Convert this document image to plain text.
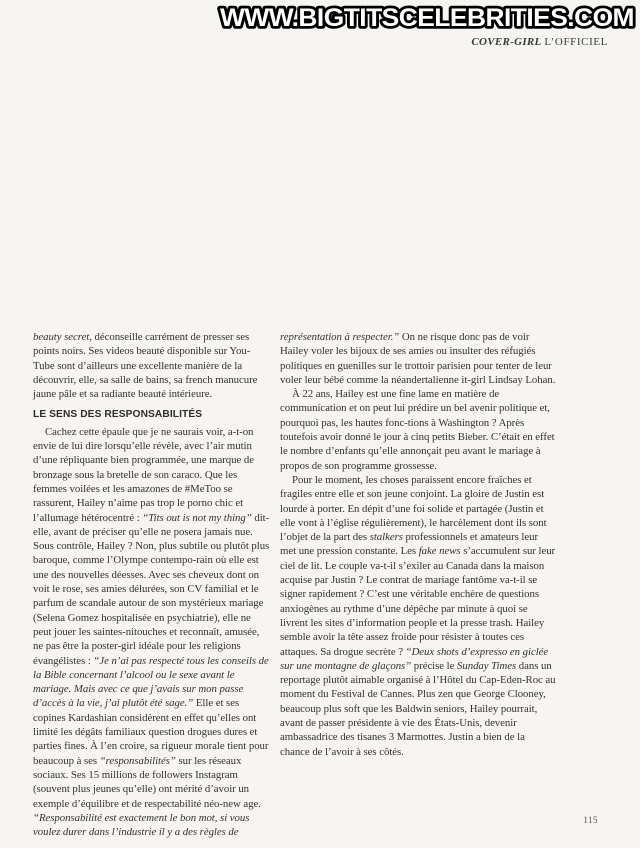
WWW.BIGTITSCELEBRITIES.COM
COVER-GIRL L’OFFICIEL

beauty secret, déconseille carrément de presser ses points noirs. Ses videos beauté disponible sur You-Tube sont d’ailleurs une excellente manière de la découvrir, elle, sa salle de bains, sa french manucure jaune pâle et sa radiante beauté intérieure.

LE SENS DES RESPONSABILITÉS

Cachez cette épaule que je ne saurais voir, a-t-on envie de lui dire lorsqu’elle révèle, avec l’air mutin d’une répliquante bien programmée, une marque de bronzage sous la bretelle de son caraco. Que les femmes voilées et les amazones de #MeToo se rassurent, Hailey n’aime pas trop le porno chic et l’allumage hétérocentré : “Tits out is not my thing” dit-elle, avant de préciser qu’elle ne posera jamais nue. Sous contrôle, Hailey ? Non, plus subtile ou plutôt plus baroque, comme l’Olympe contempo-rain où elle est une des nouvelles déesses. Avec ses cheveux dont on voit le rose, ses amies délurées, son CV familial et le parfum de scandale autour de son mystérieux mariage (Selena Gomez hospitalisée en psychiatrie), elle ne peut jouer les saintes-nitouches et reconnaît, amusée, ne pas être la poster-girl idéale pour les religions évangélistes : “Je n’ai pas respecté tous les conseils de la Bible concernant l’alcool ou le sexe avant le mariage. Mais avec ce que j’avais sur mon passe d’accès à la vie, j’ai plutôt été sage.” Elle et ses copines Kardashian considèrent en effet qu’elles ont limité les dégâts familiaux question drogues dures et parties fines. À l’en croire, sa rigueur morale tient pour beaucoup à ses “responsabilités” sur les réseaux sociaux. Ses 15 millions de followers Instagram (souvent plus jeunes qu’elle) ont mérité d’avoir un exemple d’équilibre et de respectabilité néo-new age. “Responsabilité est exactement le bon mot, si vous voulez durer dans l’industrie il y a des règles de

représentation à respecter.” On ne risque donc pas de voir Hailey voler les bijoux de ses amies ou insulter des réfugiés politiques en guenilles sur le trottoir parisien pour tenter de leur voler leur bébé comme la néandertalienne it-girl Lindsay Lohan.

À 22 ans, Hailey est une fine lame en matière de communication et on peut lui prédire un bel avenir politique et, pourquoi pas, les hautes fonc-tions à Washington ? Après toutefois avoir donné le jour à cinq petits Bieber. C’était en effet le nombre d’enfants qu’elle annonçait peu avant le mariage à propos de son programme grossesse.

Pour le moment, les choses paraissent encore fraîches et fragiles entre elle et son jeune conjoint. La gloire de Justin est lourde à porter. En dépit d’une foi solide et partagée (Justin et elle vont à l’église régulièrement), le harcèlement dont ils sont l’objet de la part des stalkers professionnels et amateurs leur met une pression constante. Les fake news s’accumulent sur leur ciel de lit. Le couple va-t-il s’exiler au Canada dans la maison acquise par Justin ? Le contrat de mariage fantôme va-t-il se signer rapidement ? C’est une véritable enchère de questions anxiogènes au rythme d’une dépêche par minute à quoi se livrent les sites d’information people et la presse trash. Hailey semble avoir la tête assez froide pour résister à toutes ces attaques. Sa drogue secrète ? “Deux shots d’expresso en giclée sur une montagne de glaçons” précise le Sunday Times dans un reportage plutôt aimable organisé à l’Hôtel du Cap-Eden-Roc au moment du Festival de Cannes. Plus zen que George Clooney, beaucoup plus soft que les Baldwin seniors, Hailey pourrait, avant de passer présidente à vie des États-Unis, devenir ambassadrice des tisanes 3 Marmottes. Justin a bien de la chance de l’avoir à ses côtés.

115
